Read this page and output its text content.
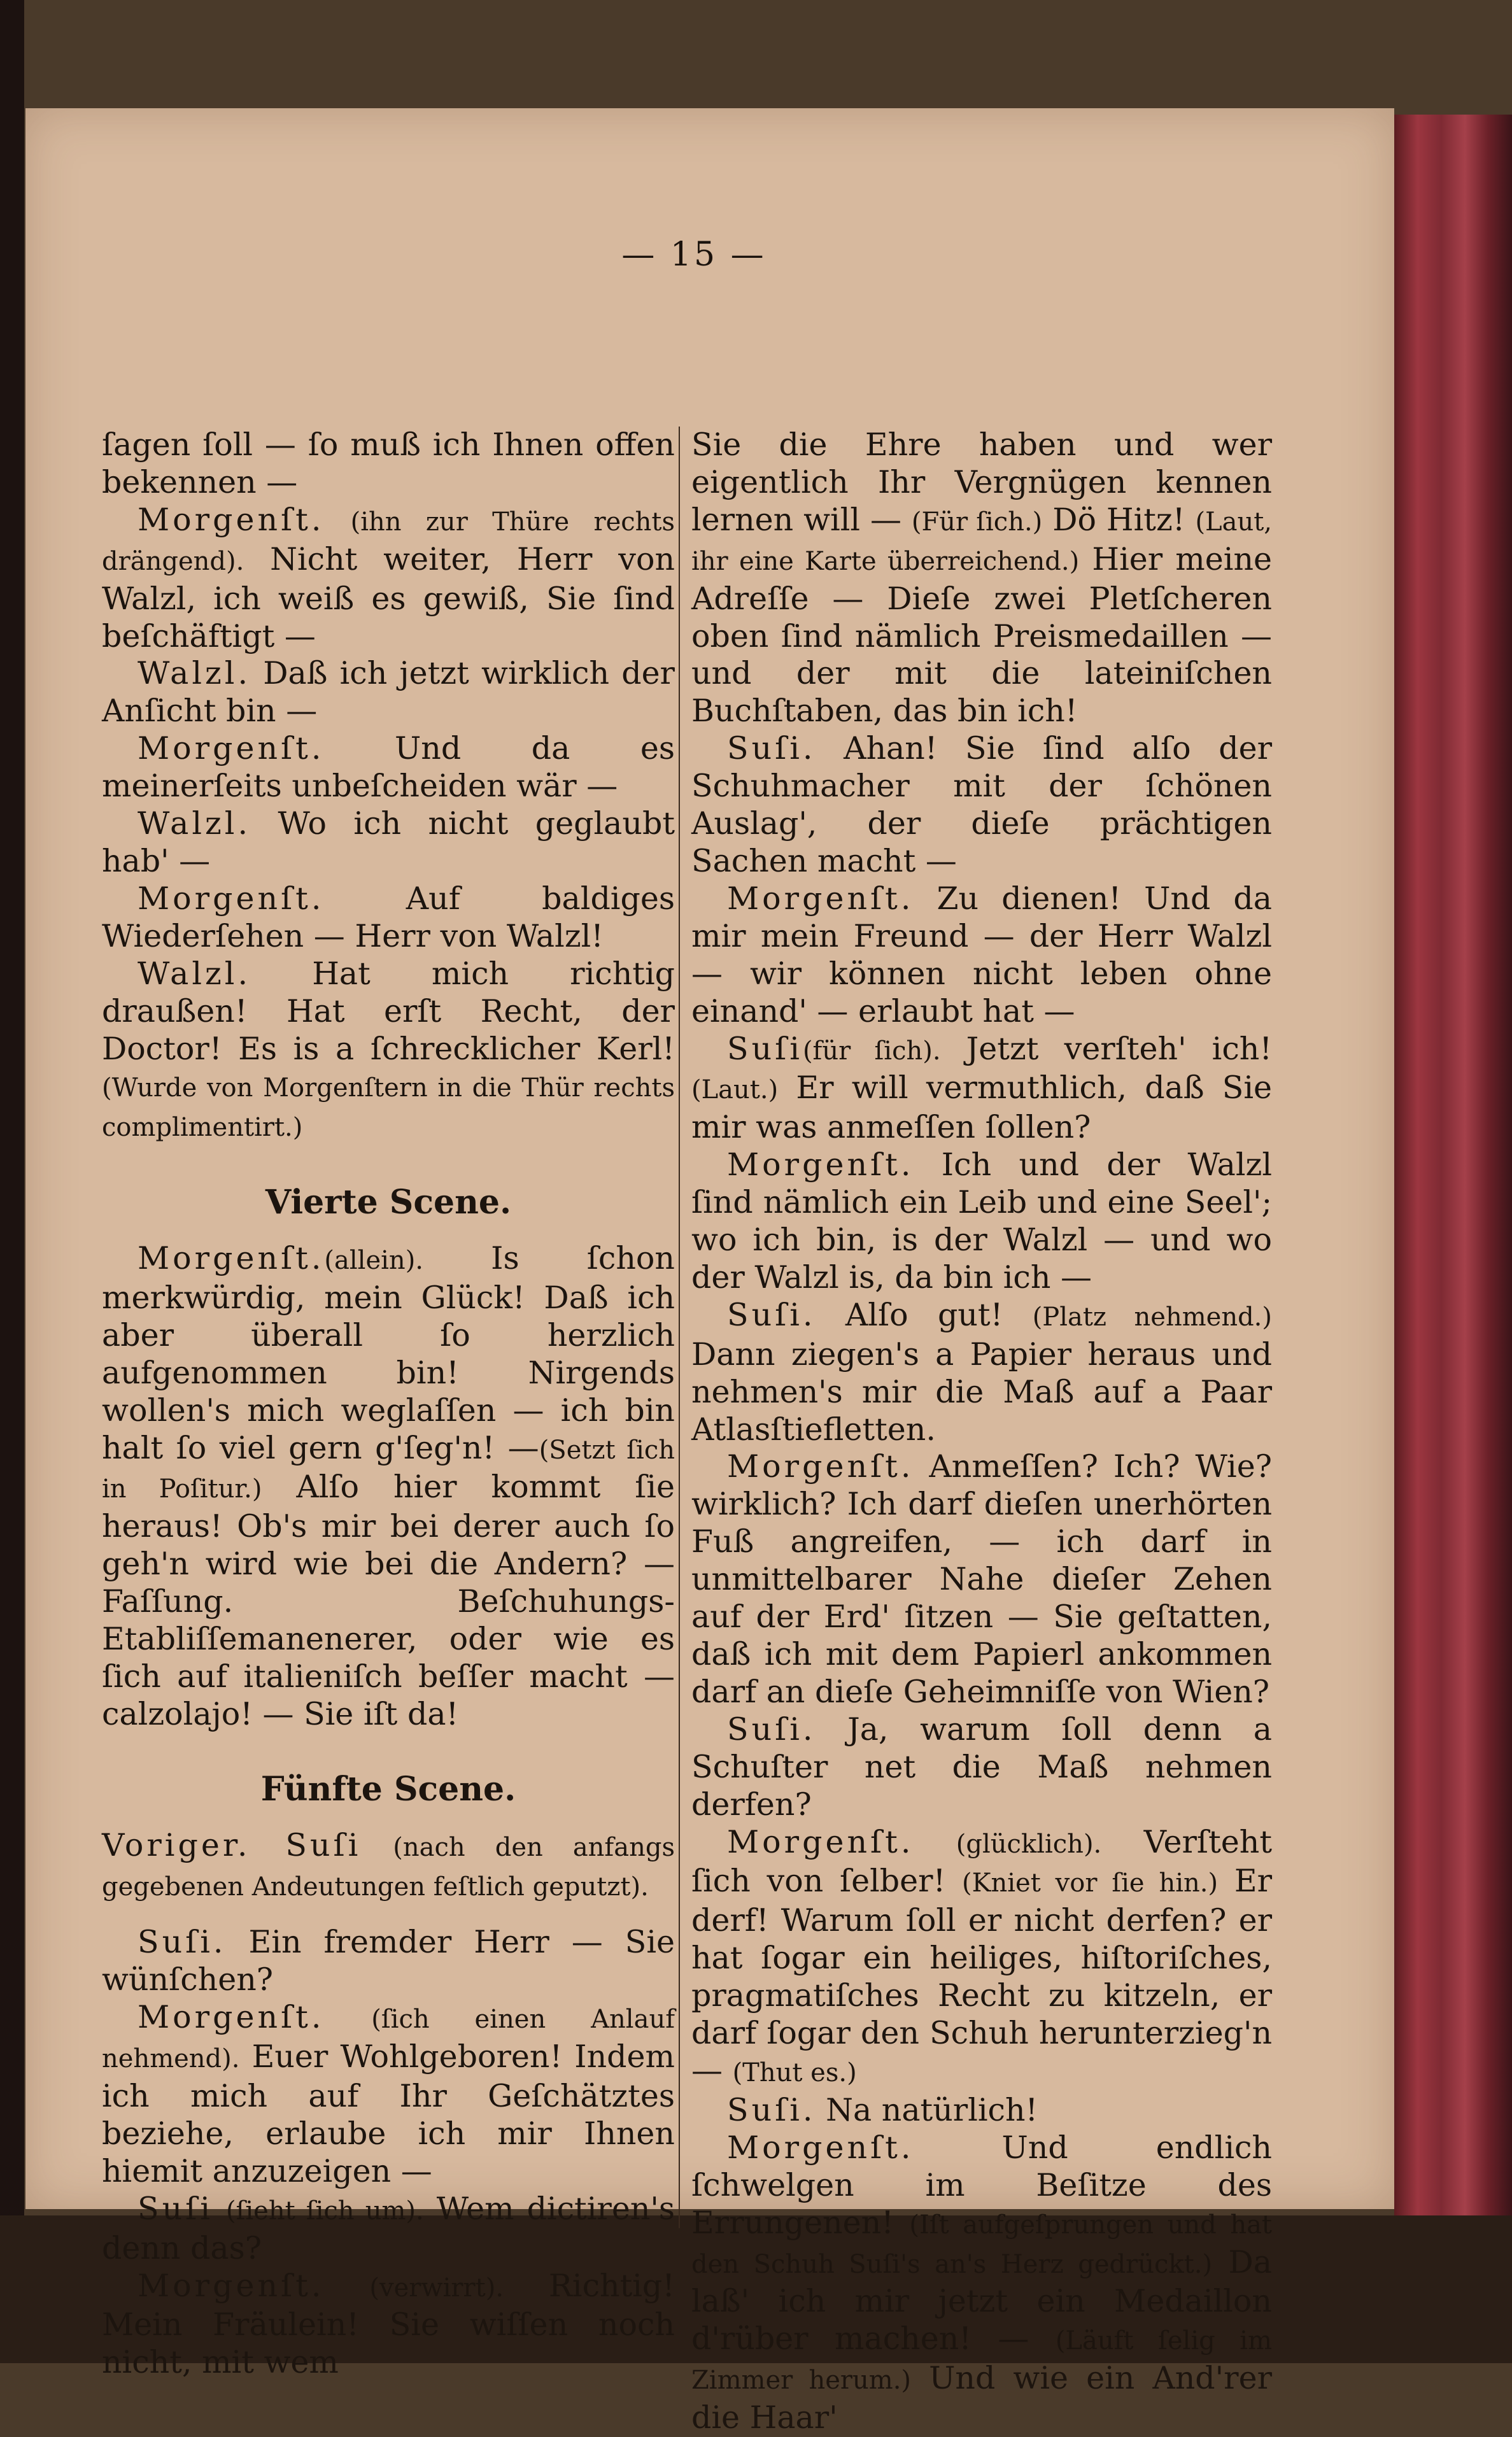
— 15 —

ſagen ſoll — ſo muß ich Ihnen offen bekennen —

Morgenſt. (ihn zur Thüre rechts drängend). Nicht weiter, Herr von Walzl, ich weiß es gewiß, Sie ſind beſchäftigt —

Walzl. Daß ich jetzt wirklich der Anſicht bin —

Morgenſt. Und da es meinerſeits unbeſcheiden wär —

Walzl. Wo ich nicht geglaubt hab' —

Morgenſt.	Auf baldiges Wiederſehen — Herr von Walzl!

Walzl. Hat mich richtig draußen! Hat erſt Recht, der Doctor! Es is a ſchrecklicher Kerl! (Wurde von Morgenſtern in die Thür rechts complimentirt.)

Vierte Scene.

Morgenſt.(allein). Is ſchon merkwürdig, mein Glück! Daß ich aber überall ſo herzlich aufgenommen bin! Nirgends wollen's mich weglaſſen — ich bin halt ſo viel gern g'ſeg'n! —(Setzt ſich in Poſitur.) Alſo hier kommt ſie heraus! Ob's mir bei derer auch ſo geh'n wird wie bei die Andern? — Faſſung. Beſchuhungs-Etabliſſemanenerer, oder wie es ſich auf italieniſch beſſer macht — calzolajo! — Sie iſt da!

Fünfte Scene.

Voriger. Suſi (nach den anfangs gegebenen Andeutungen feſtlich geputzt).

Suſi. Ein fremder Herr — Sie wünſchen?

Morgenſt. (ſich einen Anlauf nehmend). Euer Wohlgeboren! Indem ich mich auf Ihr Geſchätztes beziehe, erlaube ich mir Ihnen hiemit anzuzeigen —

Suſi (ſieht ſich um). Wem dictiren's denn das?

Morgenſt. (verwirrt). Richtig! Mein Fräulein! Sie wiſſen noch nicht, mit wem

Sie die Ehre haben und wer eigentlich Ihr Vergnügen kennen lernen will — (Für ſich.) Dö Hitz! (Laut, ihr eine Karte überreichend.) Hier meine Adreſſe — Dieſe zwei Pletſcheren oben ſind nämlich Preismedaillen — und der mit die lateiniſchen Buchſtaben, das bin ich!

Suſi. Ahan! Sie ſind alſo der Schuhmacher mit der ſchönen Auslag', der dieſe prächtigen Sachen macht —

Morgenſt. Zu dienen! Und da mir mein Freund — der Herr Walzl — wir können nicht leben ohne einand' — erlaubt hat —

Suſi(für ſich). Jetzt verſteh' ich!(Laut.) Er will vermuthlich, daß Sie mir was anmeſſen ſollen?

Morgenſt. Ich und der Walzl ſind nämlich ein Leib und eine Seel'; wo ich bin, is der Walzl — und wo der Walzl is, da bin ich —

Suſi. Alſo gut! (Platz nehmend.) Dann ziegen's a Papier heraus und nehmen's mir die Maß auf a Paar Atlasſtiefletten.

Morgenſt. Anmeſſen? Ich? Wie? wirklich? Ich darf dieſen unerhörten Fuß angreifen, — ich darf in unmittelbarer Nahe dieſer Zehen auf der Erd' ſitzen — Sie geſtatten, daß ich mit dem Papierl ankommen darf an dieſe Geheimniſſe von Wien?

Suſi. Ja, warum ſoll denn a Schuſter net die Maß nehmen derfen?

Morgenſt. (glücklich). Verſteht ſich von ſelber! (Kniet vor ſie hin.) Er derf! Warum ſoll er nicht derfen? er hat ſogar ein heiliges, hiſtoriſches, pragmatiſches Recht zu kitzeln, er darf ſogar den Schuh herunterzieg'n — (Thut es.)

Suſi. Na natürlich!

Morgenſt.	Und endlich ſchwelgen im Beſitze des Errungenen! (Iſt aufgeſprungen und hat den Schuh Suſi's an's Herz gedrückt.) Da laß' ich mir jetzt ein Medaillon d'rüber machen! — (Läuft ſelig im Zimmer herum.) Und wie ein And'rer die Haar'
